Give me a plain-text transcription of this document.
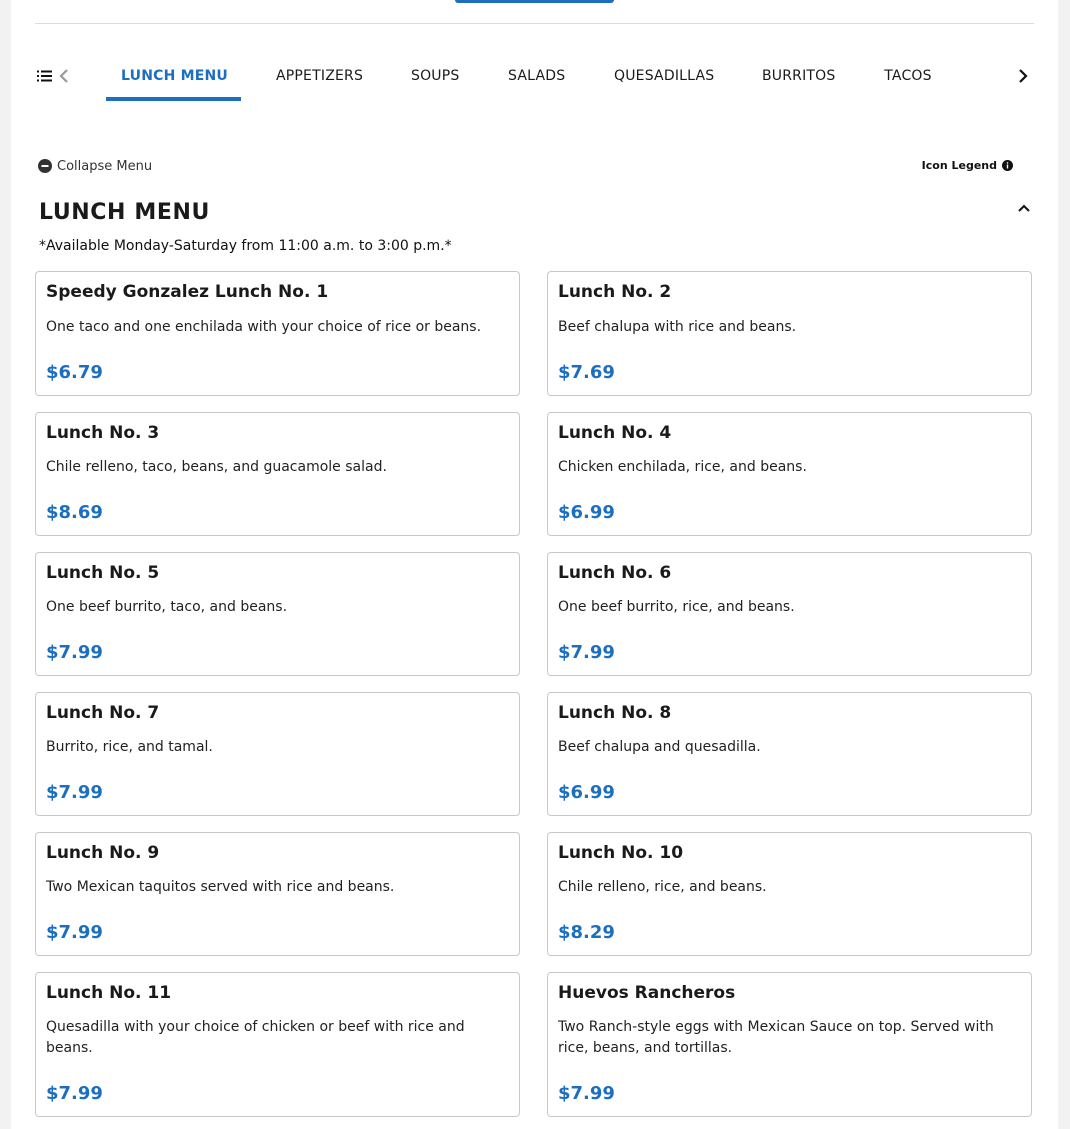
LUNCH MENU	APPETIZERS	SOUPS	SALADS	QUESADILLAS	BURRITOS	TACOS
Collapse Menu	Icon Legend
LUNCH MENU
*Available Monday-Saturday from 11:00 a.m. to 3:00 p.m.*
Speedy Gonzalez Lunch No. 1
One taco and one enchilada with your choice of rice or beans.
$6.79
Lunch No. 2
Beef chalupa with rice and beans.
$7.69
Lunch No. 3
Chile relleno, taco, beans, and guacamole salad.
$8.69
Lunch No. 4
Chicken enchilada, rice, and beans.
$6.99
Lunch No. 5
One beef burrito, taco, and beans.
$7.99
Lunch No. 6
One beef burrito, rice, and beans.
$7.99
Lunch No. 7
Burrito, rice, and tamal.
$7.99
Lunch No. 8
Beef chalupa and quesadilla.
$6.99
Lunch No. 9
Two Mexican taquitos served with rice and beans.
$7.99
Lunch No. 10
Chile relleno, rice, and beans.
$8.29
Lunch No. 11
Quesadilla with your choice of chicken or beef with rice and beans.
$7.99
Huevos Rancheros
Two Ranch-style eggs with Mexican Sauce on top. Served with rice, beans, and tortillas.
$7.99
